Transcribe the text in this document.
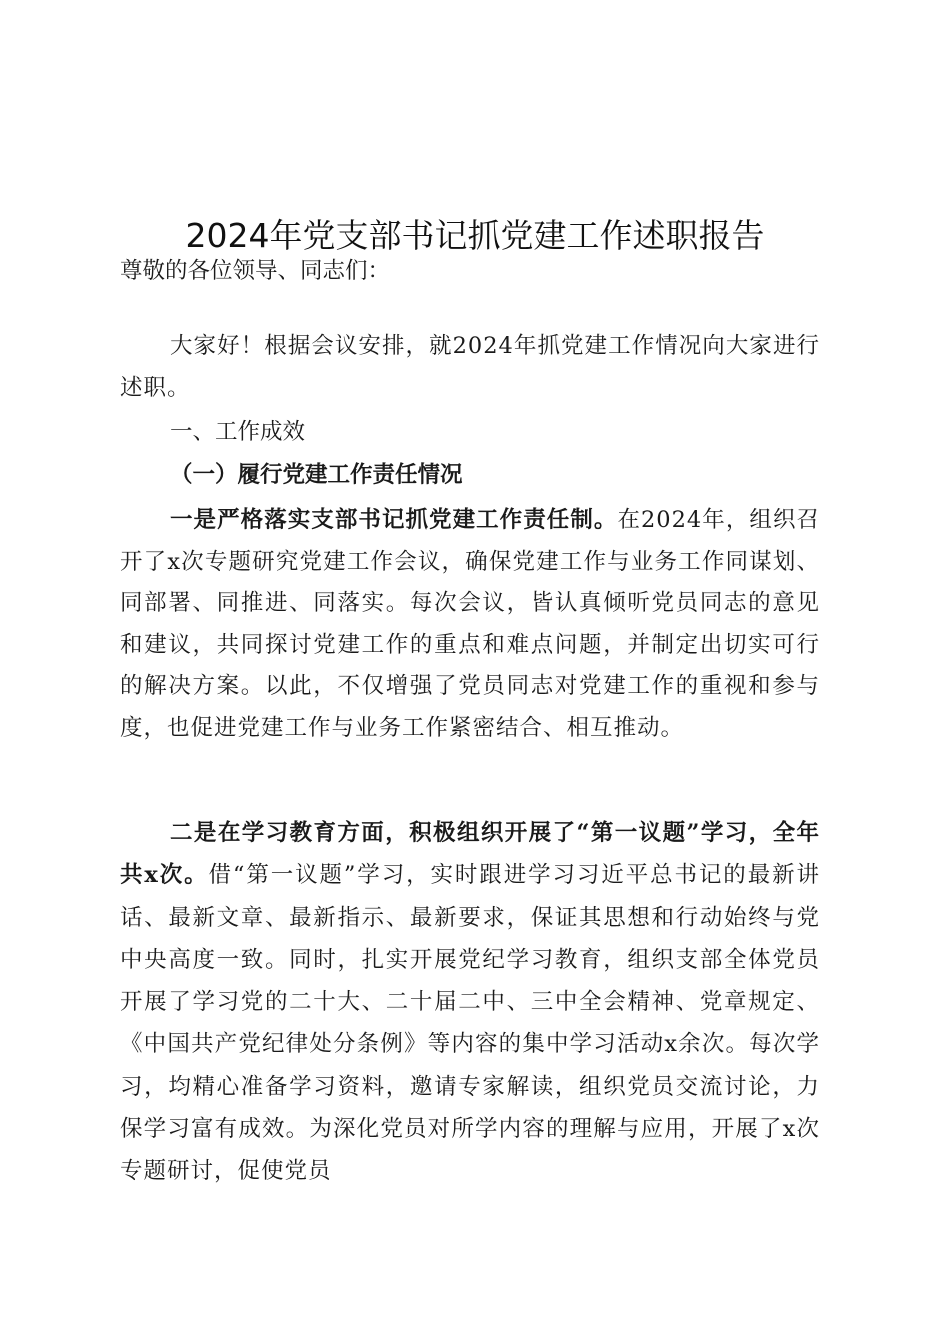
2024年党支部书记抓党建工作述职报告

尊敬的各位领导、同志们：

大家好！根据会议安排，就2024年抓党建工作情况向大家进行述职。

一、工作成效

（一）履行党建工作责任情况

一是严格落实支部书记抓党建工作责任制。在2024年，组织召开了x次专题研究党建工作会议，确保党建工作与业务工作同谋划、同部署、同推进、同落实。每次会议，皆认真倾听党员同志的意见和建议，共同探讨党建工作的重点和难点问题，并制定出切实可行的解决方案。以此，不仅增强了党员同志对党建工作的重视和参与度，也促进党建工作与业务工作紧密结合、相互推动。

二是在学习教育方面，积极组织开展了“第一议题”学习，全年共x次。借“第一议题”学习，实时跟进学习习近平总书记的最新讲话、最新文章、最新指示、最新要求，保证其思想和行动始终与党中央高度一致。同时，扎实开展党纪学习教育，组织支部全体党员开展了学习党的二十大、二十届二中、三中全会精神、党章规定、《中国共产党纪律处分条例》等内容的集中学习活动x余次。每次学习，均精心准备学习资料，邀请专家解读，组织党员交流讨论，力保学习富有成效。为深化党员对所学内容的理解与应用，开展了x次专题研讨，促使党员
